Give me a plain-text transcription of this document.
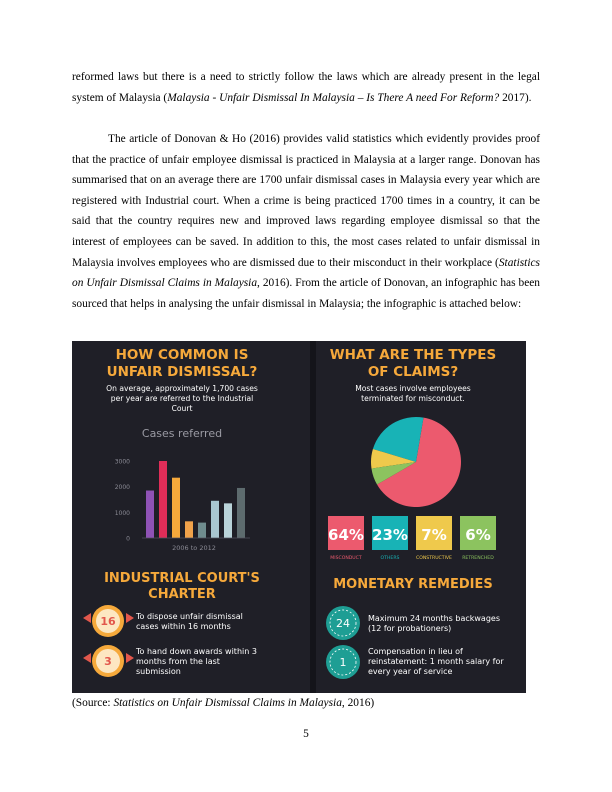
reformed laws but there is a need to strictly follow the laws which are already present in the legal system of Malaysia (Malaysia - Unfair Dismissal In Malaysia – Is There A need For Reform? 2017).
The article of Donovan & Ho (2016) provides valid statistics which evidently provides proof that the practice of unfair employee dismissal is practiced in Malaysia at a larger range. Donovan has summarised that on an average there are 1700 unfair dismissal cases in Malaysia every year which are registered with Industrial court. When a crime is being practiced 1700 times in a country, it can be said that the country requires new and improved laws regarding employee dismissal so that the interest of employees can be saved. In addition to this, the most cases related to unfair dismissal in Malaysia involves employees who are dismissed due to their misconduct in their workplace (Statistics on Unfair Dismissal Claims in Malaysia, 2016). From the article of Donovan, an infographic has been sourced that helps in analysing the unfair dismissal in Malaysia; the infographic is attached below:
HOW COMMON IS
UNFAIR DISMISSAL?
On average, approximately 1,700 cases
per year are referred to the Industrial
Court
Cases referred
0
1000
2000
3000
2006 to 2012
WHAT ARE THE TYPES
OF CLAIMS?
Most cases involve employees
terminated for misconduct.
64%
MISCONDUCT
23%
OTHERS
7%
CONSTRUCTIVE
6%
RETRENCHED
INDUSTRIAL COURT'S
CHARTER
16	To dispose unfair dismissal
cases within 16 months
3
To hand down awards within 3
months from the last
submission
MONETARY REMEDIES
24 Maximum 24 months backwages
(12 for probationers)
1
Compensation in lieu of
reinstatement: 1 month salary for
every year of service
(Source: Statistics on Unfair Dismissal Claims in Malaysia, 2016)
5
